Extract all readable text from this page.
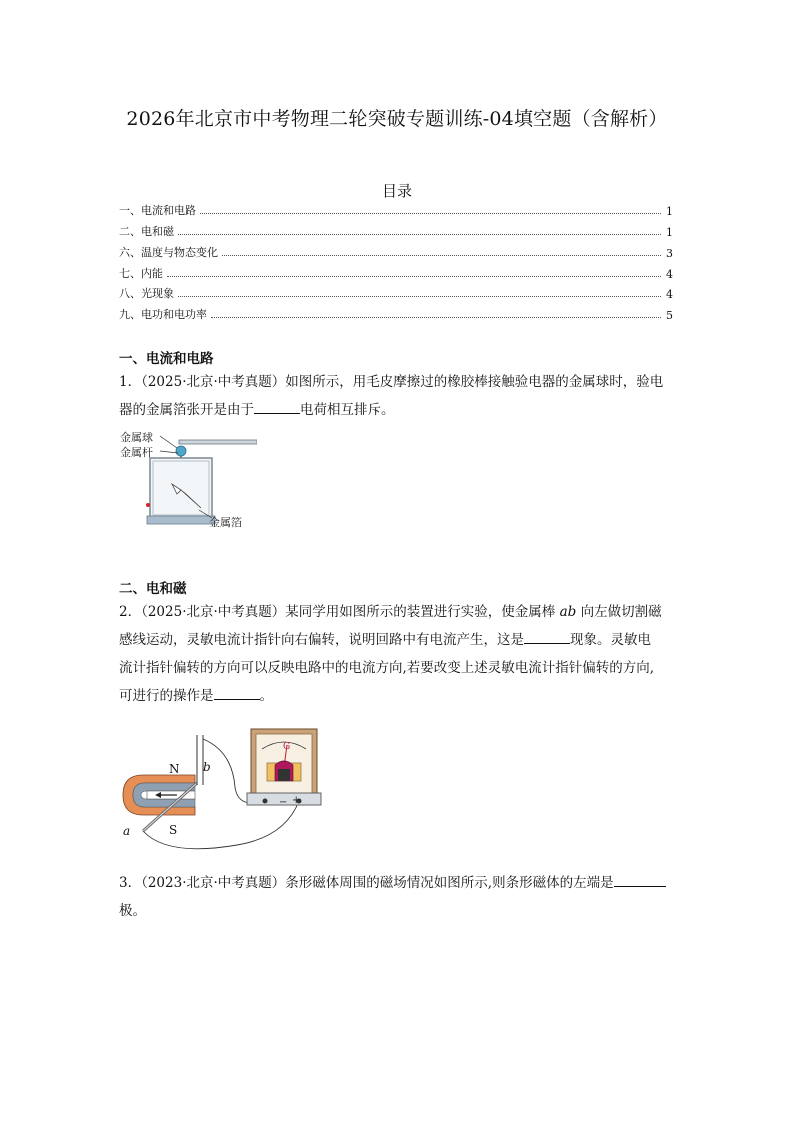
2026年北京市中考物理二轮突破专题训练-04填空题（含解析）
目录
一、电流和电路	1
二、电和磁	1
六、温度与物态变化	3
七、内能	4
八、光现象	4
九、电功和电功率	5
一、电流和电路
1．（2025·北京·中考真题）如图所示，用毛皮摩擦过的橡胶棒接触验电器的金属球时，验电
器的金属箔张开是由于	电荷相互排斥。
金属球
金属杆
金属箔
二、电和磁
2．（2025·北京·中考真题）某同学用如图所示的装置进行实验，使金属棒 ab 向左做切割磁
感线运动，灵敏电流计指针向右偏转，说明回路中有电流产生，这是	现象。灵敏电
流计指针偏转的方向可以反映电路中的电流方向,若要改变上述灵敏电流计指针偏转的方向,
可进行的操作是	。
G
− +
N
S
a
b
3．（2023·北京·中考真题）条形磁体周围的磁场情况如图所示,则条形磁体的左端是
极。
